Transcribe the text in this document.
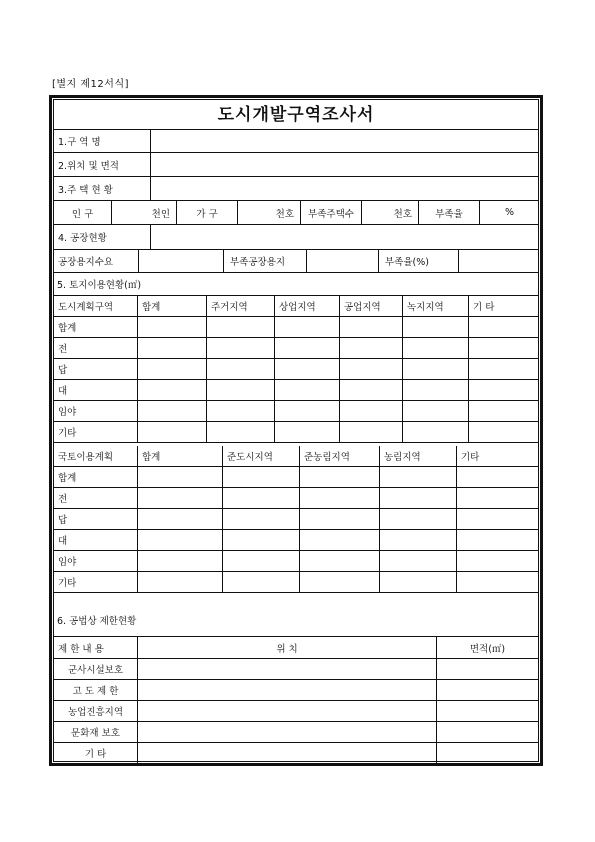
[별지 제12서식]
도시개발구역조사서
1.구 역 명
2.위치 및 면적
3.주 택 현 황
인 구	천인	가 구	천호	부족주택수	천호	부족율	%
4. 공장현황
공장용지수요	부족공장용지	부족율(%)
5. 토지이용현황(㎡)
도시계획구역	합계	주거지역	상업지역	공업지역	녹지지역	기 타
합계
전
답
대
임야
기타
국토이용계획	합계	준도시지역	준농림지역	농림지역	기타
합계
전
답
대
임야
기타
6. 공법상 제한현황
제 한 내 용	위 치	면적(㎡)
군사시설보호
고 도 제 한
농업진흥지역
문화재 보호
기 타
